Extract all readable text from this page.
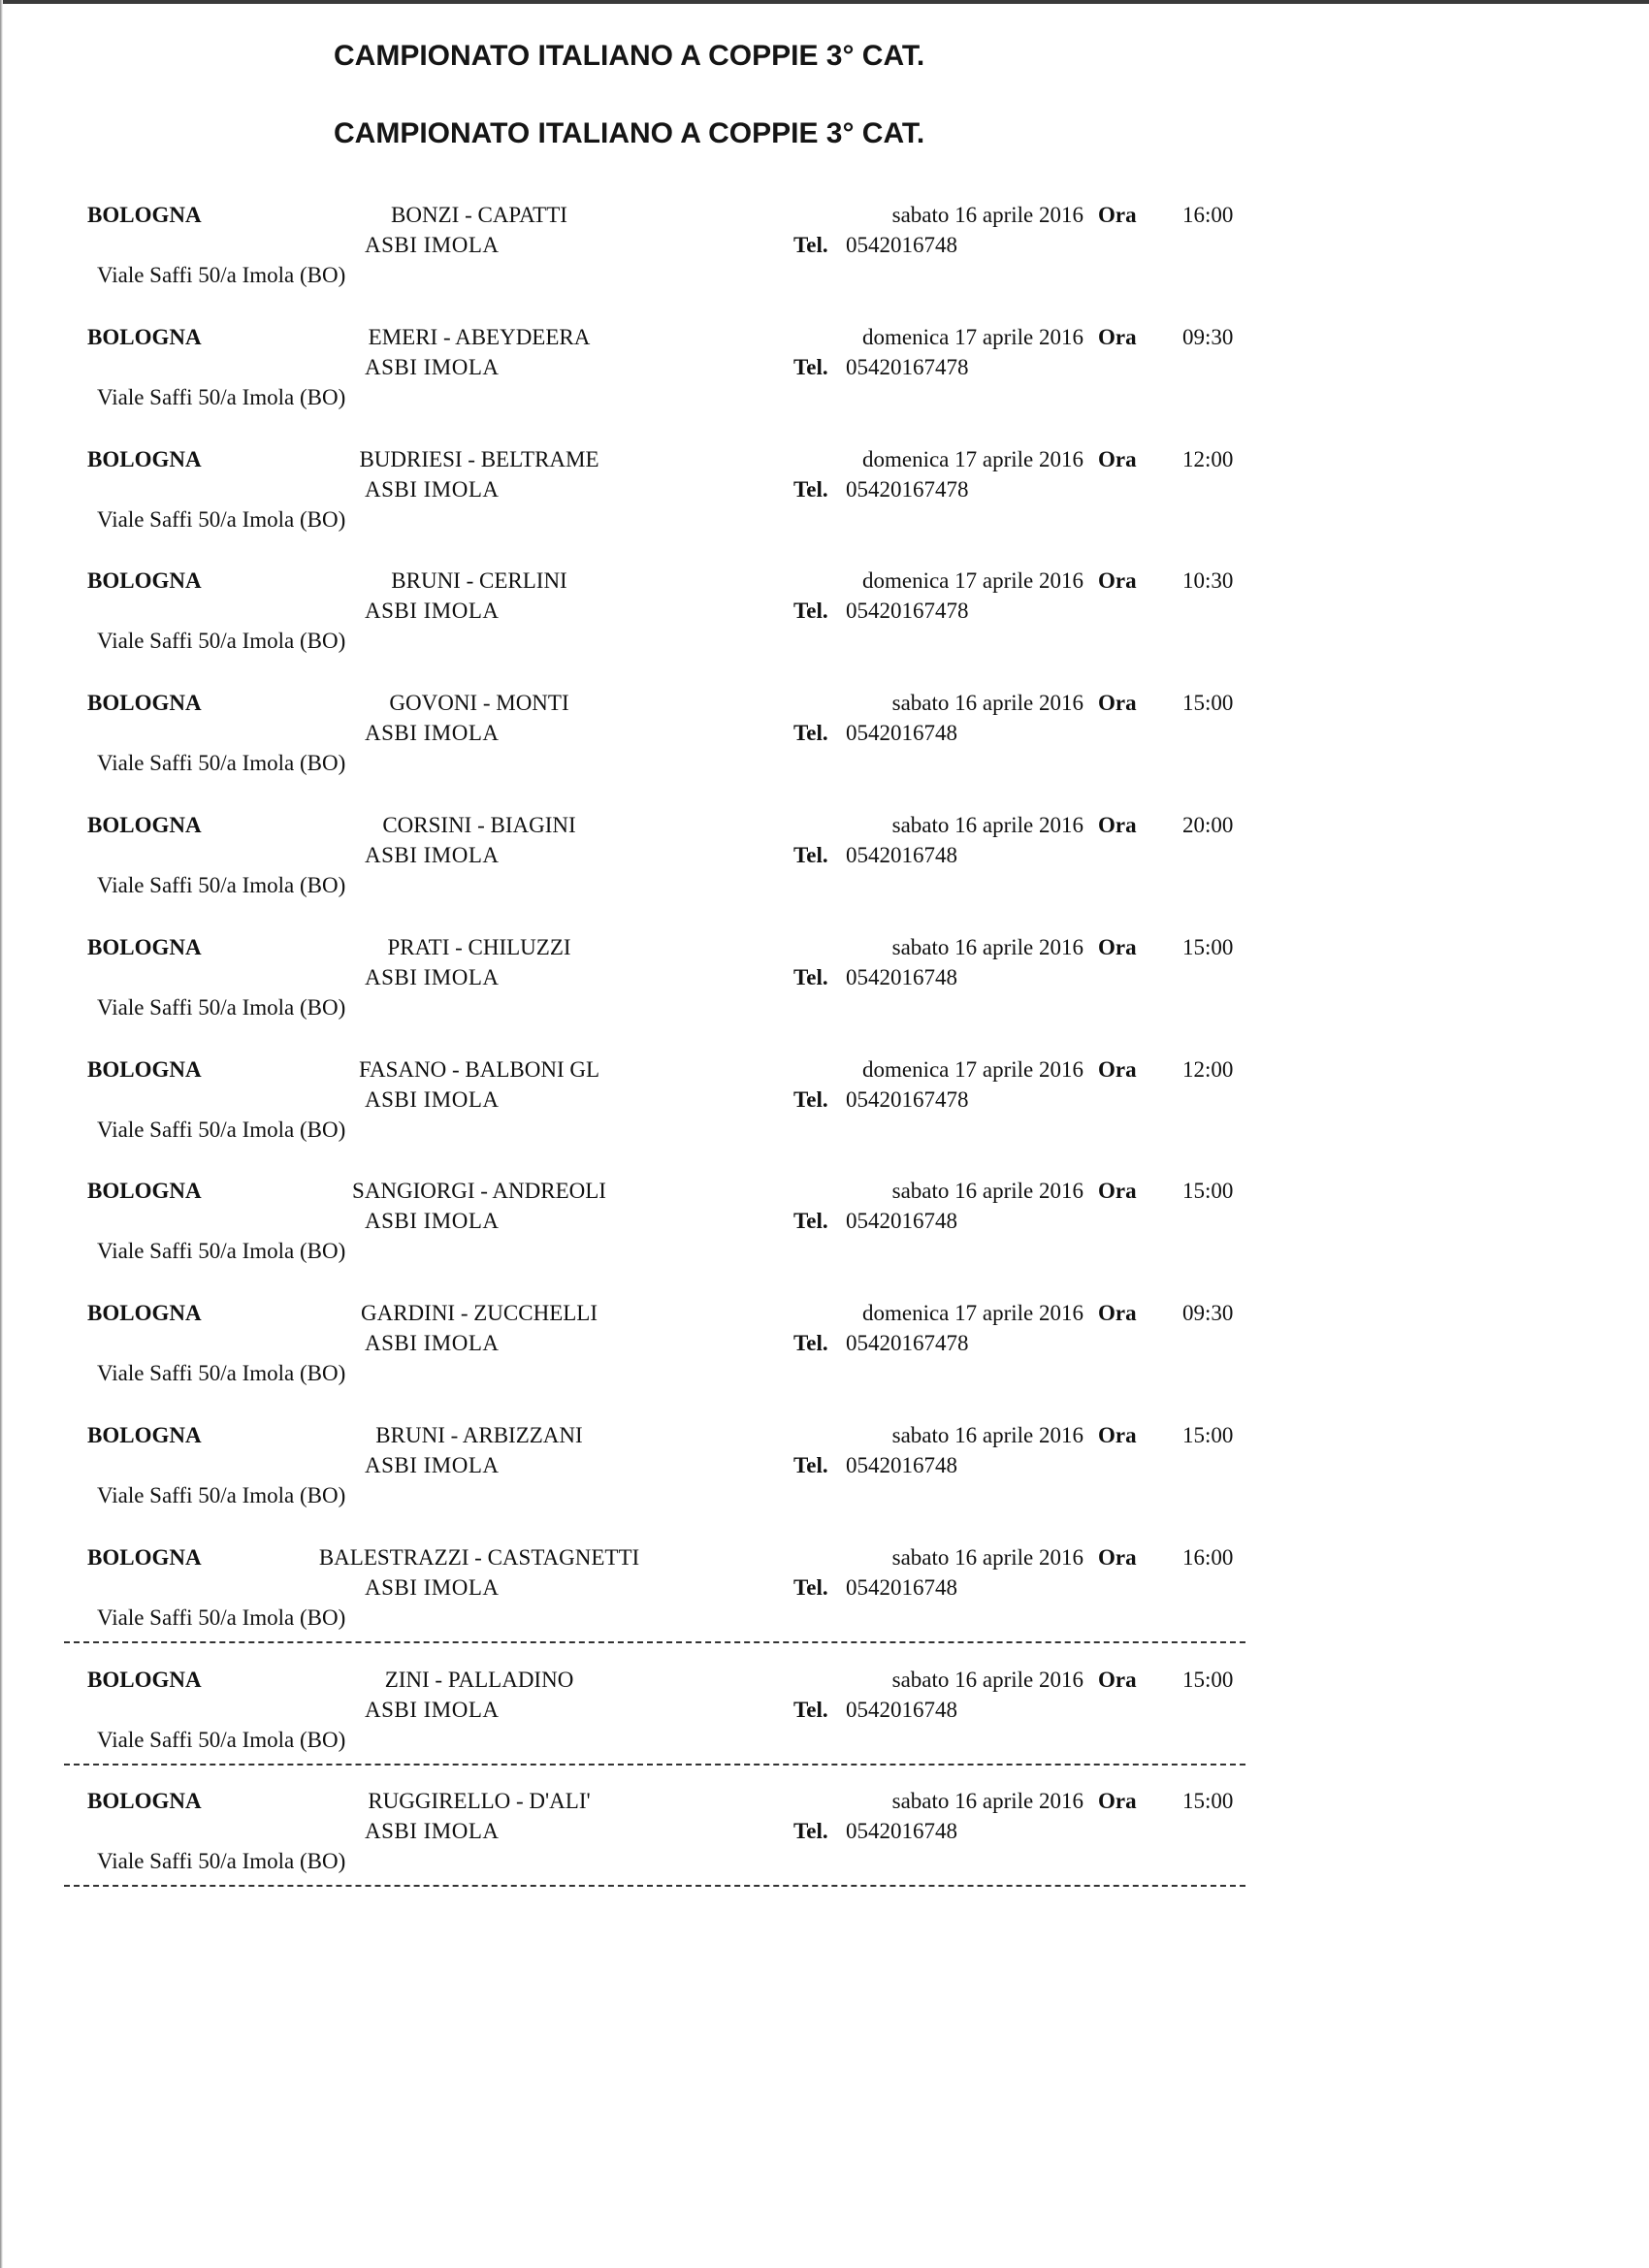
CAMPIONATO ITALIANO A COPPIE 3° CAT.
CAMPIONATO ITALIANO A COPPIE 3° CAT.
BOLOGNA	BONZI - CAPATTI
ASBI IMOLA
sabato 16 aprile 2016 Ora 16:00
Tel. 0542016748
Viale Saffi 50/a Imola (BO)
BOLOGNA	EMERI - ABEYDEERA
ASBI IMOLA
domenica 17 aprile 2016 Ora 09:30
Tel. 05420167478
Viale Saffi 50/a Imola (BO)
BOLOGNA	BUDRIESI - BELTRAME
ASBI IMOLA
domenica 17 aprile 2016 Ora 12:00
Tel. 05420167478
Viale Saffi 50/a Imola (BO)
BOLOGNA	BRUNI - CERLINI
ASBI IMOLA
domenica 17 aprile 2016 Ora 10:30
Tel. 05420167478
Viale Saffi 50/a Imola (BO)
BOLOGNA	GOVONI - MONTI
ASBI IMOLA
sabato 16 aprile 2016 Ora 15:00
Tel. 0542016748
Viale Saffi 50/a Imola (BO)
BOLOGNA	CORSINI - BIAGINI
ASBI IMOLA
sabato 16 aprile 2016 Ora 20:00
Tel. 0542016748
Viale Saffi 50/a Imola (BO)
BOLOGNA	PRATI - CHILUZZI
ASBI IMOLA
sabato 16 aprile 2016 Ora 15:00
Tel. 0542016748
Viale Saffi 50/a Imola (BO)
BOLOGNA	FASANO - BALBONI GL
ASBI IMOLA
domenica 17 aprile 2016 Ora 12:00
Tel. 05420167478
Viale Saffi 50/a Imola (BO)
BOLOGNA	SANGIORGI - ANDREOLI
ASBI IMOLA
sabato 16 aprile 2016 Ora 15:00
Tel. 0542016748
Viale Saffi 50/a Imola (BO)
BOLOGNA	GARDINI - ZUCCHELLI
ASBI IMOLA
domenica 17 aprile 2016 Ora 09:30
Tel. 05420167478
Viale Saffi 50/a Imola (BO)
BOLOGNA	BRUNI - ARBIZZANI
ASBI IMOLA
sabato 16 aprile 2016 Ora 15:00
Tel. 0542016748
Viale Saffi 50/a Imola (BO)
BOLOGNA	BALESTRAZZI - CASTAGNETTI
ASBI IMOLA
sabato 16 aprile 2016 Ora 16:00
Tel. 0542016748
Viale Saffi 50/a Imola (BO)
BOLOGNA	ZINI - PALLADINO
ASBI IMOLA
sabato 16 aprile 2016 Ora 15:00
Tel. 0542016748
Viale Saffi 50/a Imola (BO)
BOLOGNA	RUGGIRELLO - D'ALI'
ASBI IMOLA
sabato 16 aprile 2016 Ora 15:00
Tel. 0542016748
Viale Saffi 50/a Imola (BO)
